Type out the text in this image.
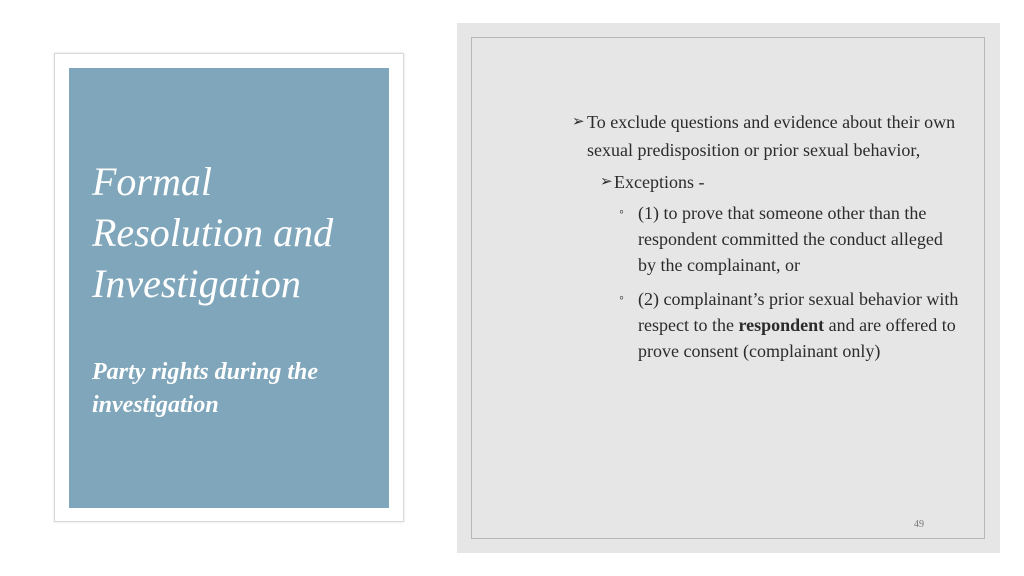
Formal Resolution and Investigation
Party rights during the investigation
➢ To exclude questions and evidence about their own sexual predisposition or prior sexual behavior,
➢ Exceptions -
◦ (1) to prove that someone other than the respondent committed the conduct alleged by the complainant, or
◦ (2) complainant’s prior sexual behavior with respect to the respondent and are offered to prove consent (complainant only)
49
